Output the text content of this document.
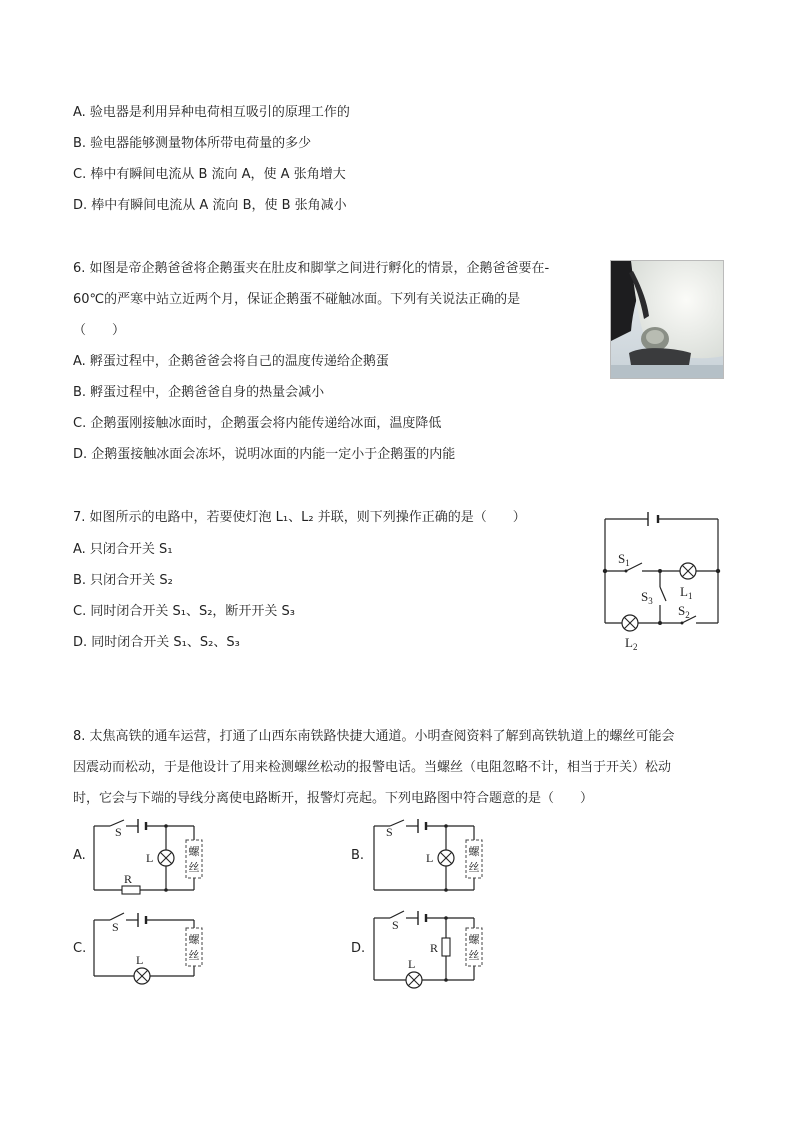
A. 验电器是利用异种电荷相互吸引的原理工作的
B. 验电器能够测量物体所带电荷量的多少
C. 棒中有瞬间电流从 B 流向 A，使 A 张角增大
D. 棒中有瞬间电流从 A 流向 B，使 B 张角减小
6. 如图是帝企鹅爸爸将企鹅蛋夹在肚皮和脚掌之间进行孵化的情景，企鹅爸爸要在-
60℃的严寒中站立近两个月，保证企鹅蛋不碰触冰面。下列有关说法正确的是
（　　）
A. 孵蛋过程中，企鹅爸爸会将自己的温度传递给企鹅蛋
B. 孵蛋过程中，企鹅爸爸自身的热量会减小
C. 企鹅蛋刚接触冰面时，企鹅蛋会将内能传递给冰面，温度降低
D. 企鹅蛋接触冰面会冻坏，说明冰面的内能一定小于企鹅蛋的内能
7. 如图所示的电路中，若要使灯泡 L₁、L₂ 并联，则下列操作正确的是（　　）
A. 只闭合开关 S₁
B. 只闭合开关 S₂
C. 同时闭合开关 S₁、S₂，断开开关 S₃
D. 同时闭合开关 S₁、S₂、S₃
$S_1$
$L_1$
$S_3$
$S_2$
$L_2$
8. 太焦高铁的通车运营，打通了山西东南铁路快捷大通道。小明查阅资料了解到高铁轨道上的螺丝可能会
因震动而松动，于是他设计了用来检测螺丝松动的报警电话。当螺丝（电阻忽略不计，相当于开关）松动
时，它会与下端的导线分离使电路断开，报警灯亮起。下列电路图中符合题意的是（　　）
A.	B.
C.	D.
螺
丝
S
L
R
螺
丝
S
L
螺
丝
S
L
螺
丝
S
R
L
